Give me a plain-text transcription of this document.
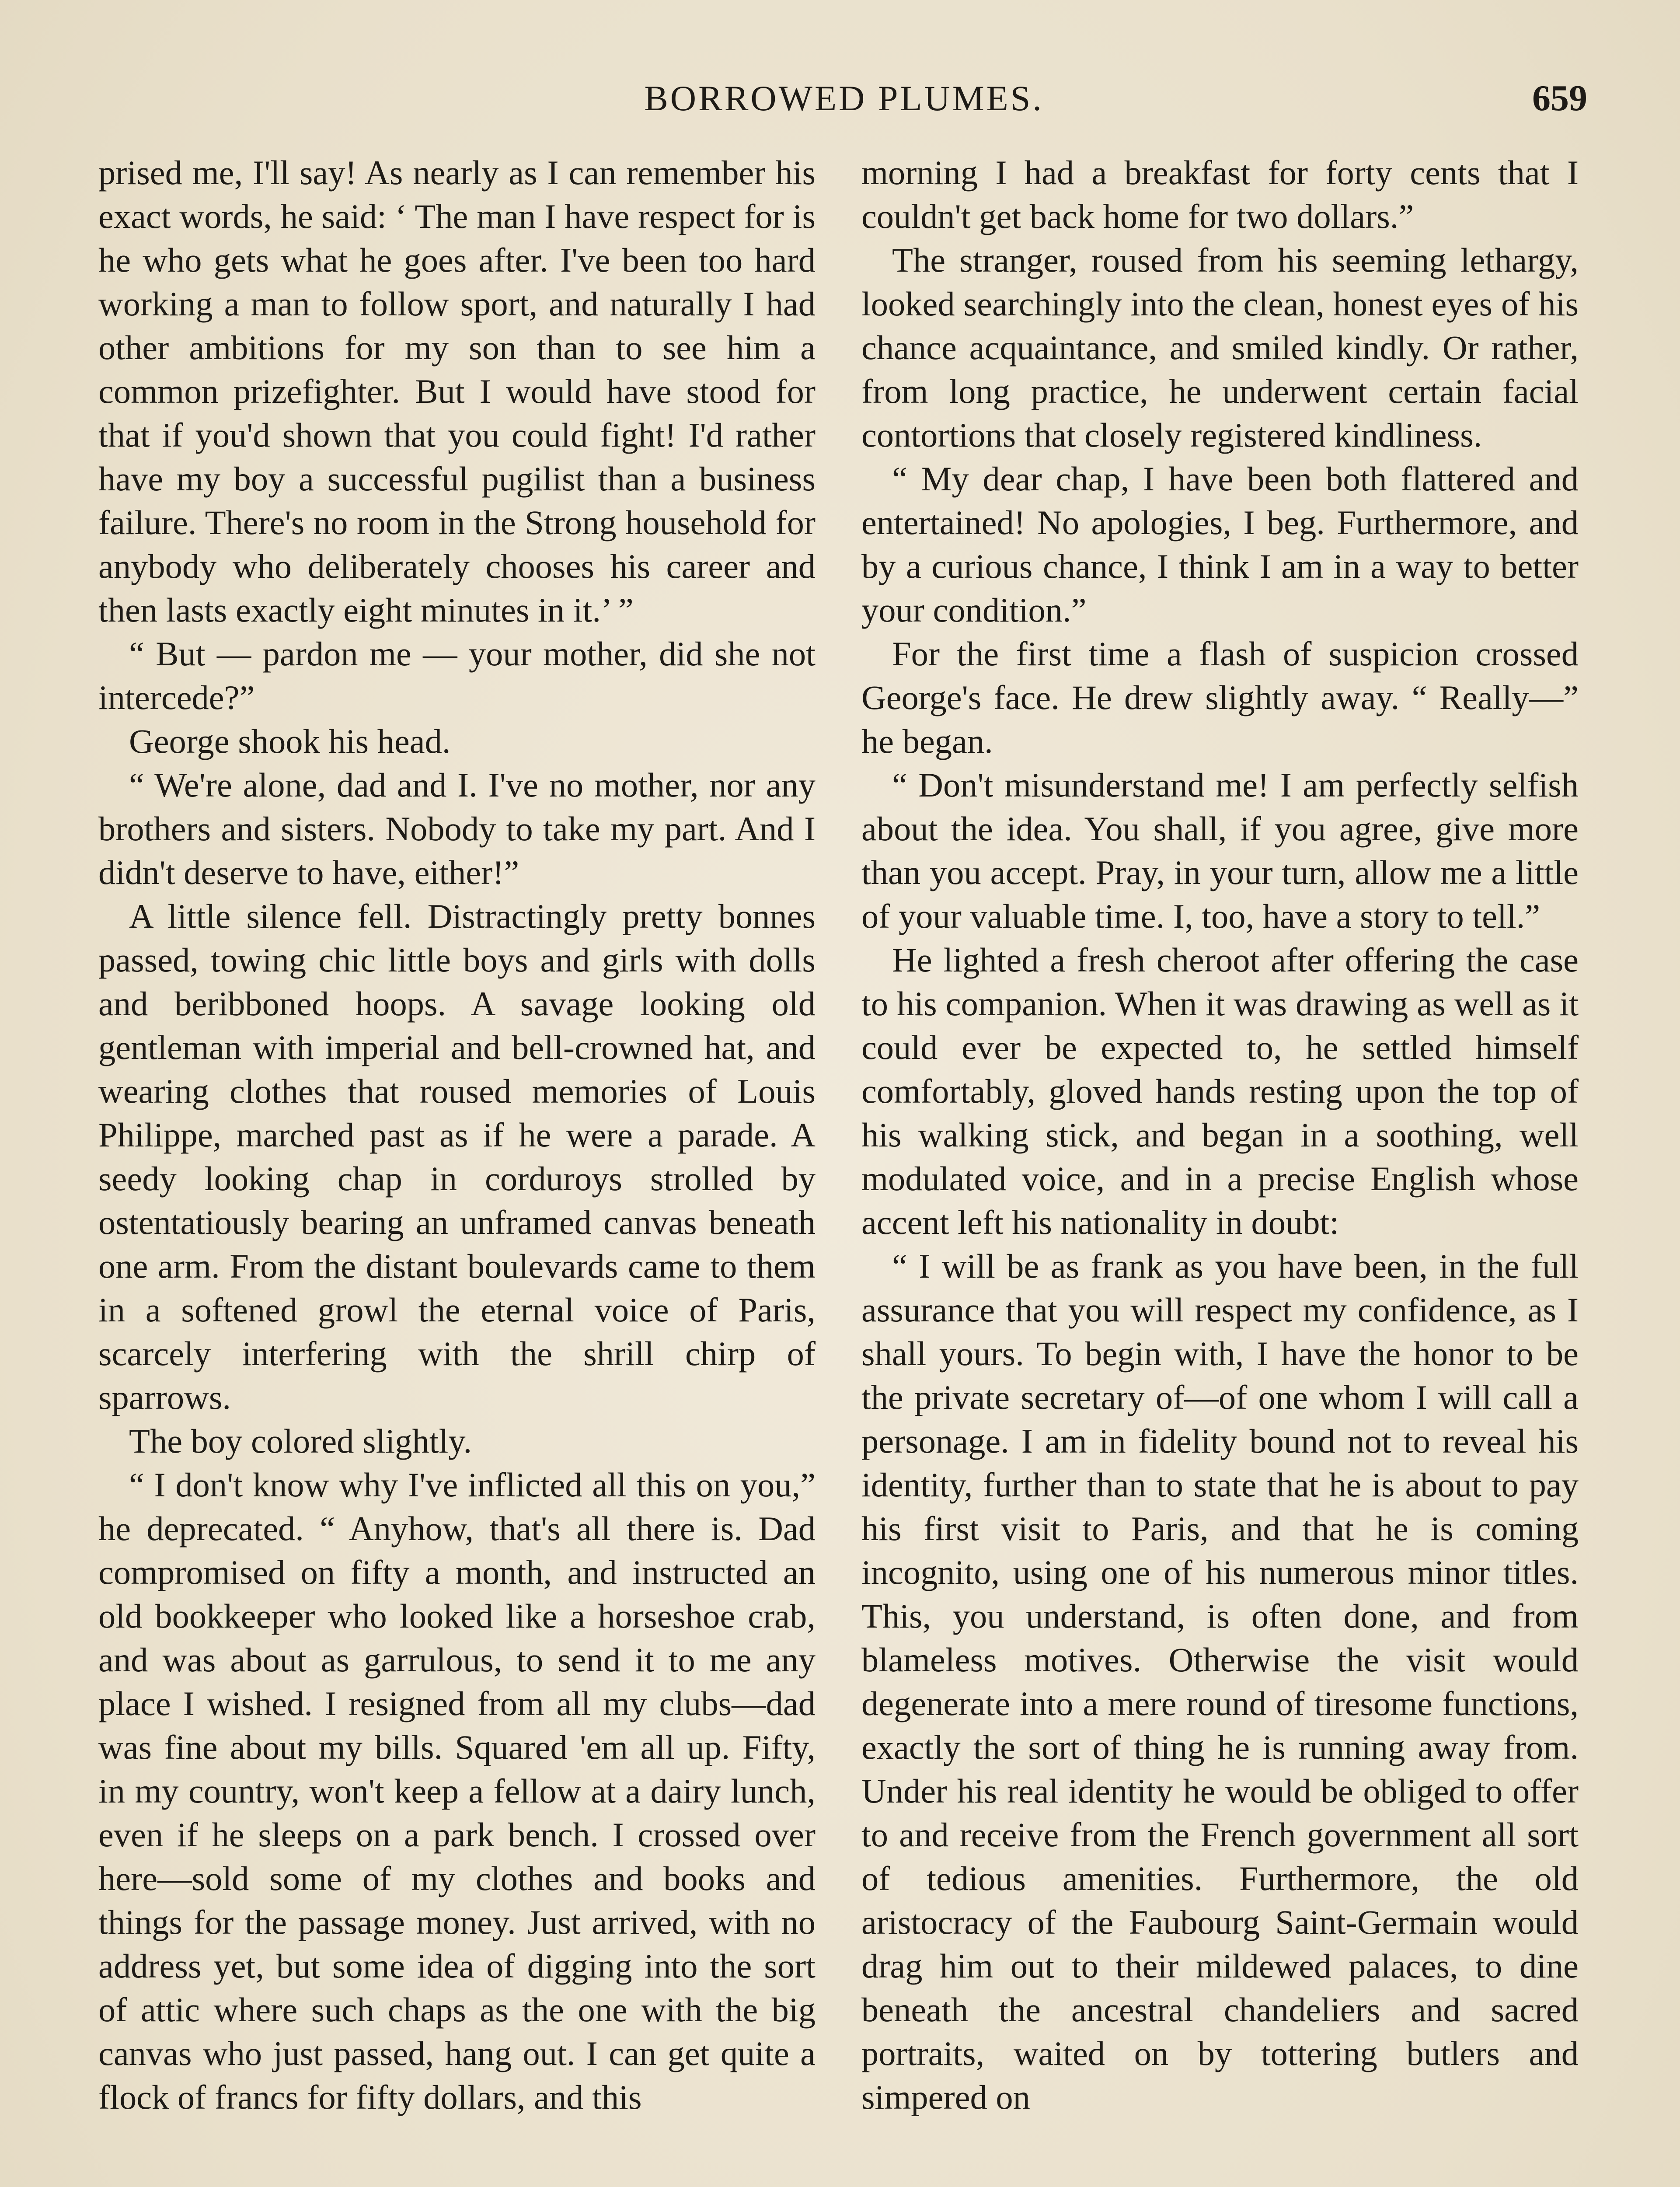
BORROWED PLUMES.	659

prised me, I'll say! As nearly as I can remember his exact words, he said: ‘ The man I have respect for is he who gets what he goes after. I've been too hard working a man to follow sport, and naturally I had other ambitions for my son than to see him a common prizefighter. But I would have stood for that if you'd shown that you could fight! I'd rather have my boy a successful pugilist than a business failure. There's no room in the Strong household for anybody who deliberately chooses his career and then lasts exactly eight minutes in it.’ ”

“ But — pardon me — your mother, did she not intercede?”

George shook his head.

“ We're alone, dad and I. I've no mother, nor any brothers and sisters. Nobody to take my part. And I didn't deserve to have, either!”

A little silence fell. Distractingly pretty bonnes passed, towing chic little boys and girls with dolls and beribboned hoops. A savage looking old gentleman with imperial and bell-crowned hat, and wearing clothes that roused memories of Louis Philippe, marched past as if he were a parade. A seedy looking chap in corduroys strolled by ostentatiously bearing an unframed canvas beneath one arm. From the distant boulevards came to them in a softened growl the eternal voice of Paris, scarcely interfering with the shrill chirp of sparrows.

The boy colored slightly.

“ I don't know why I've inflicted all this on you,” he deprecated. “ Anyhow, that's all there is. Dad compromised on fifty a month, and instructed an old bookkeeper who looked like a horseshoe crab, and was about as garrulous, to send it to me any place I wished. I resigned from all my clubs—dad was fine about my bills. Squared 'em all up. Fifty, in my country, won't keep a fellow at a dairy lunch, even if he sleeps on a park bench. I crossed over here—sold some of my clothes and books and things for the passage money. Just arrived, with no address yet, but some idea of digging into the sort of attic where such chaps as the one with the big canvas who just passed, hang out. I can get quite a flock of francs for fifty dollars, and this

morning I had a breakfast for forty cents that I couldn't get back home for two dollars.”

The stranger, roused from his seeming lethargy, looked searchingly into the clean, honest eyes of his chance acquaintance, and smiled kindly. Or rather, from long practice, he underwent certain facial contortions that closely registered kindliness.

“ My dear chap, I have been both flattered and entertained! No apologies, I beg. Furthermore, and by a curious chance, I think I am in a way to better your condition.”

For the first time a flash of suspicion crossed George's face. He drew slightly away. “ Really—” he began.

“ Don't misunderstand me! I am perfectly selfish about the idea. You shall, if you agree, give more than you accept. Pray, in your turn, allow me a little of your valuable time. I, too, have a story to tell.”

He lighted a fresh cheroot after offering the case to his companion. When it was drawing as well as it could ever be expected to, he settled himself comfortably, gloved hands resting upon the top of his walking stick, and began in a soothing, well modulated voice, and in a precise English whose accent left his nationality in doubt:

“ I will be as frank as you have been, in the full assurance that you will respect my confidence, as I shall yours. To begin with, I have the honor to be the private secretary of—of one whom I will call a personage. I am in fidelity bound not to reveal his identity, further than to state that he is about to pay his first visit to Paris, and that he is coming incognito, using one of his numerous minor titles. This, you understand, is often done, and from blameless motives. Otherwise the visit would degenerate into a mere round of tiresome functions, exactly the sort of thing he is running away from. Under his real identity he would be obliged to offer to and receive from the French government all sort of tedious amenities. Furthermore, the old aristocracy of the Faubourg Saint-Germain would drag him out to their mildewed palaces, to dine beneath the ancestral chandeliers and sacred portraits, waited on by tottering butlers and simpered on
